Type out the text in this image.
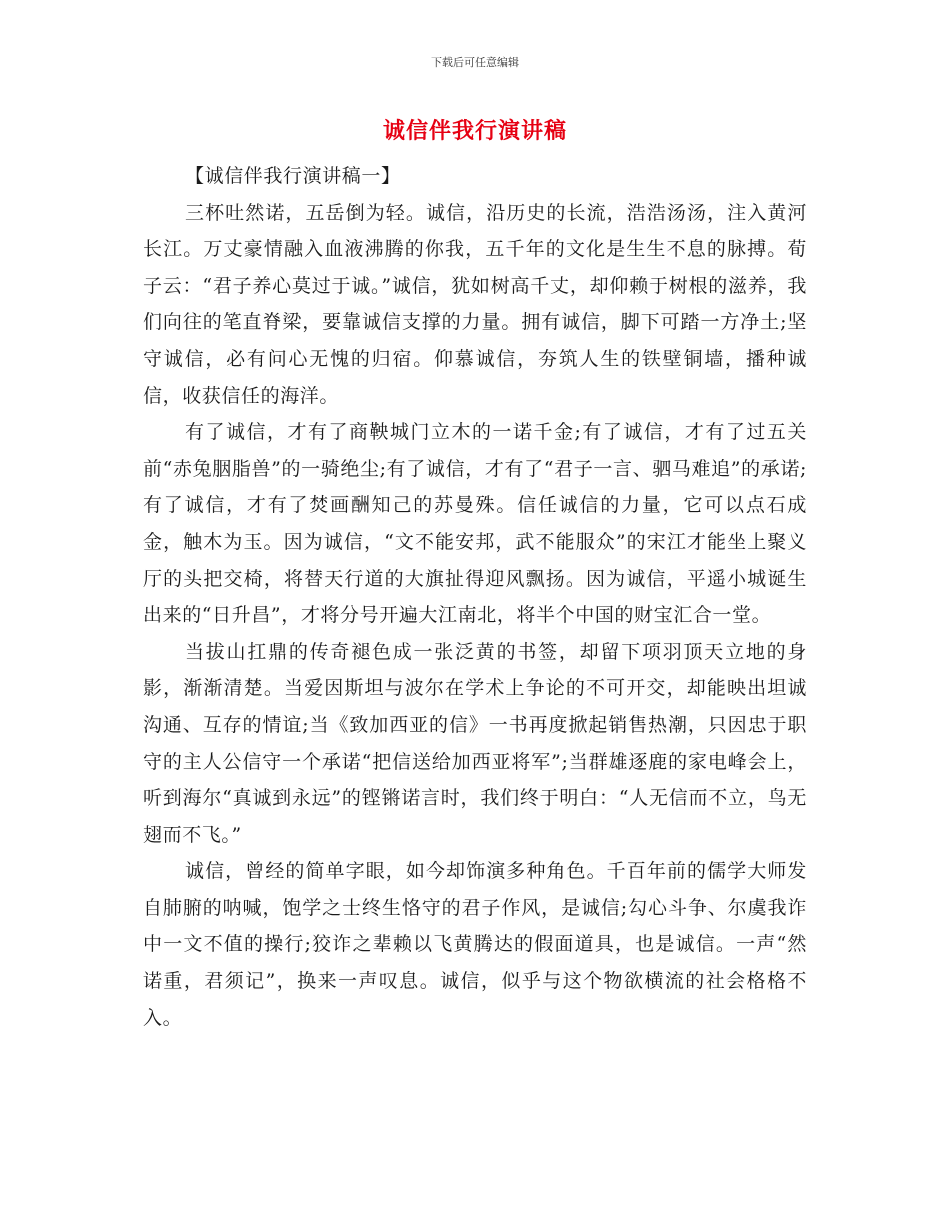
下载后可任意编辑
诚信伴我行演讲稿

【诚信伴我行演讲稿一】

三杯吐然诺，五岳倒为轻。诚信，沿历史的长流，浩浩汤汤，注入黄河长江。万丈豪情融入血液沸腾的你我，五千年的文化是生生不息的脉搏。荀子云：“君子养心莫过于诚。”诚信，犹如树高千丈，却仰赖于树根的滋养，我们向往的笔直脊梁，要靠诚信支撑的力量。拥有诚信，脚下可踏一方净土;坚守诚信，必有问心无愧的归宿。仰慕诚信，夯筑人生的铁壁铜墙，播种诚信，收获信任的海洋。

有了诚信，才有了商鞅城门立木的一诺千金;有了诚信，才有了过五关前“赤兔胭脂兽”的一骑绝尘;有了诚信，才有了“君子一言、驷马难追”的承诺;有了诚信，才有了焚画酬知己的苏曼殊。信任诚信的力量，它可以点石成金，触木为玉。因为诚信，“文不能安邦，武不能服众”的宋江才能坐上聚义厅的头把交椅，将替天行道的大旗扯得迎风飘扬。因为诚信，平遥小城诞生出来的“日升昌”，才将分号开遍大江南北，将半个中国的财宝汇合一堂。

当拔山扛鼎的传奇褪色成一张泛黄的书签，却留下项羽顶天立地的身影，渐渐清楚。当爱因斯坦与波尔在学术上争论的不可开交，却能映出坦诚沟通、互存的情谊;当《致加西亚的信》一书再度掀起销售热潮，只因忠于职守的主人公信守一个承诺“把信送给加西亚将军”;当群雄逐鹿的家电峰会上，听到海尔“真诚到永远”的铿锵诺言时，我们终于明白：“人无信而不立，鸟无翅而不飞。”

诚信，曾经的简单字眼，如今却饰演多种角色。千百年前的儒学大师发自肺腑的呐喊，饱学之士终生恪守的君子作风，是诚信;勾心斗争、尔虞我诈中一文不值的操行;狡诈之辈赖以飞黄腾达的假面道具，也是诚信。一声“然诺重，君须记”，换来一声叹息。诚信，似乎与这个物欲横流的社会格格不入。
